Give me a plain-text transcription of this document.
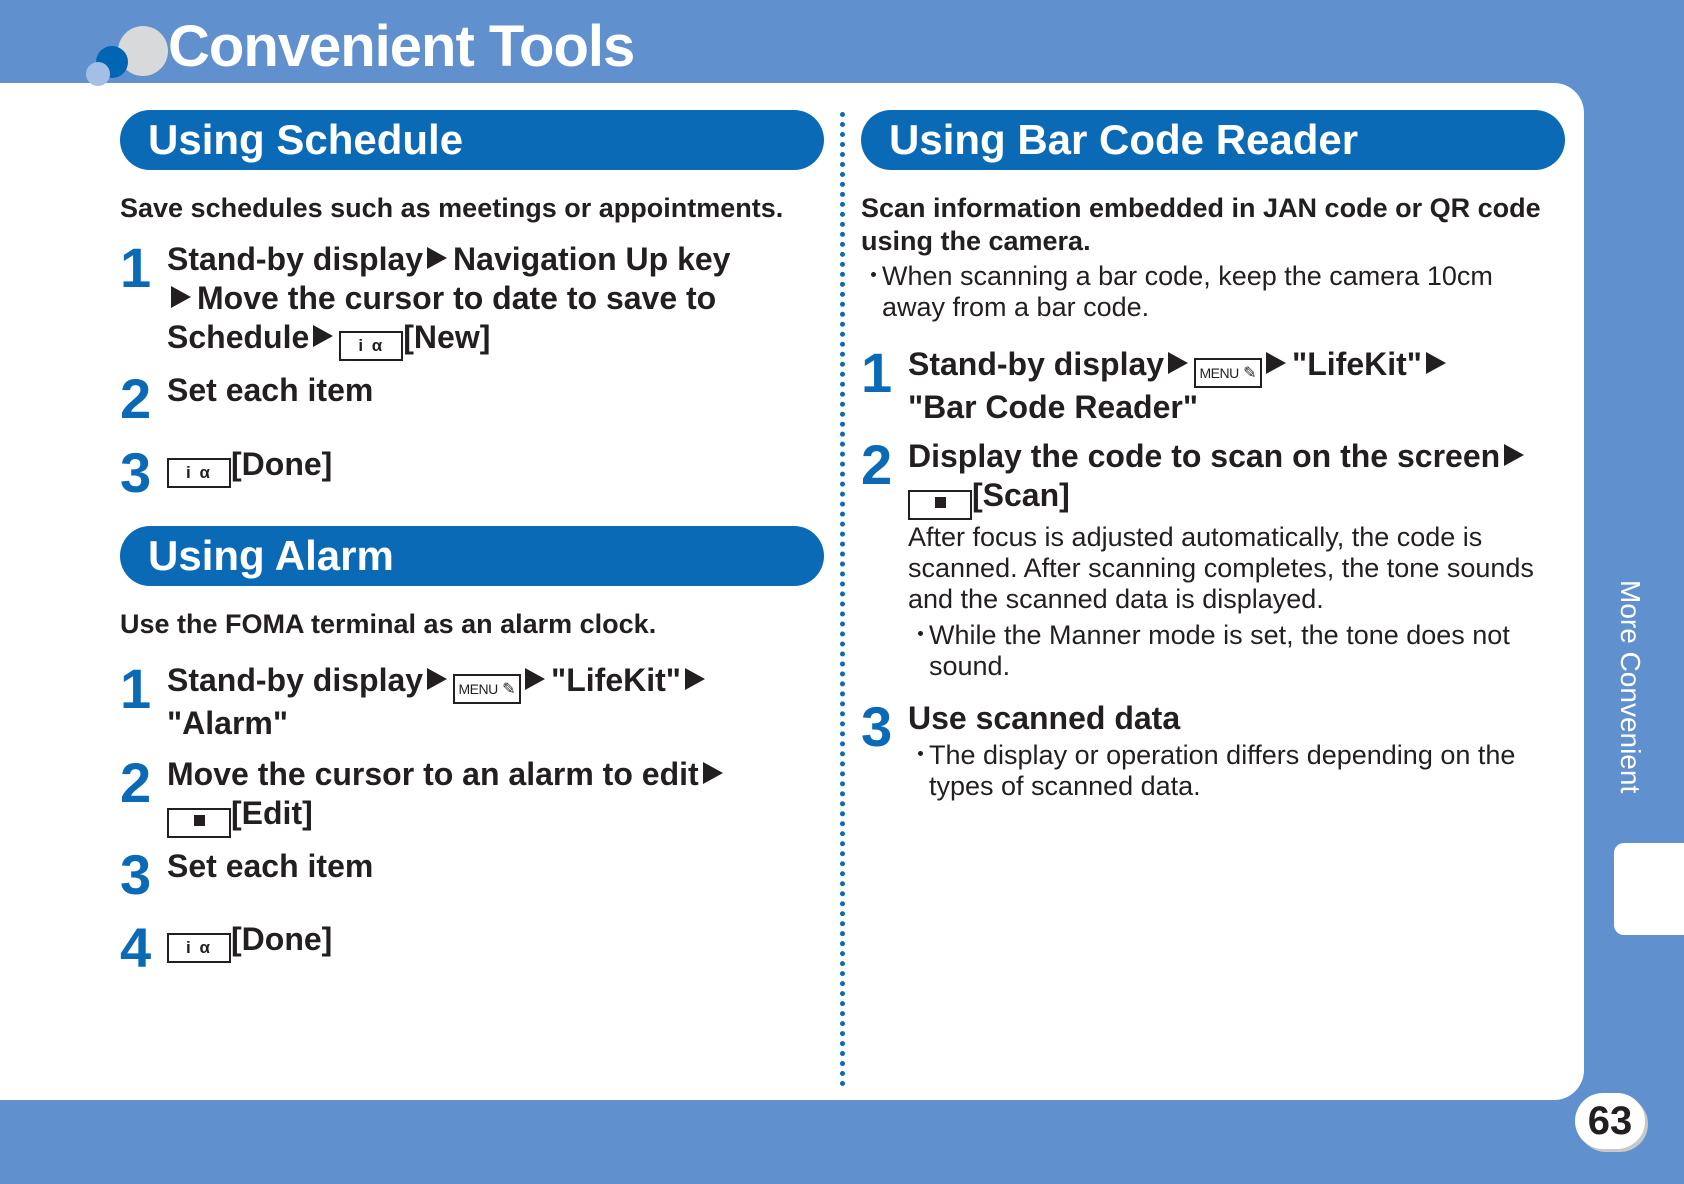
Convenient Tools
Using Schedule

Save schedules such as meetings or appointments.

1 Stand-by display Navigation Up key
Move the cursor to date to save to
Schedule	i α [New]

2 Set each item

3	i α [Done]

Using Alarm

Use the FOMA terminal as an alarm clock.

1 Stand-by display	MENU ✎ "LifeKit"
"Alarm"

2 Move the cursor to an alarm to edit
[Edit]

3 Set each item

4	i α [Done]

Using Bar Code Reader

Scan information embedded in JAN code or QR code
using the camera.

・
When scanning a bar code, keep the camera 10cm
away from a bar code.

1 Stand-by display	MENU ✎ "LifeKit"
"Bar Code Reader"

2 Display the code to scan on the screen
[Scan]

After focus is adjusted automatically, the code is
scanned. After scanning completes, the tone sounds
and the scanned data is displayed.

・
While the Manner mode is set, the tone does not
sound.

3 Use scanned data

・
The display or operation differs depending on the
types of scanned data.	More Convenient
63
